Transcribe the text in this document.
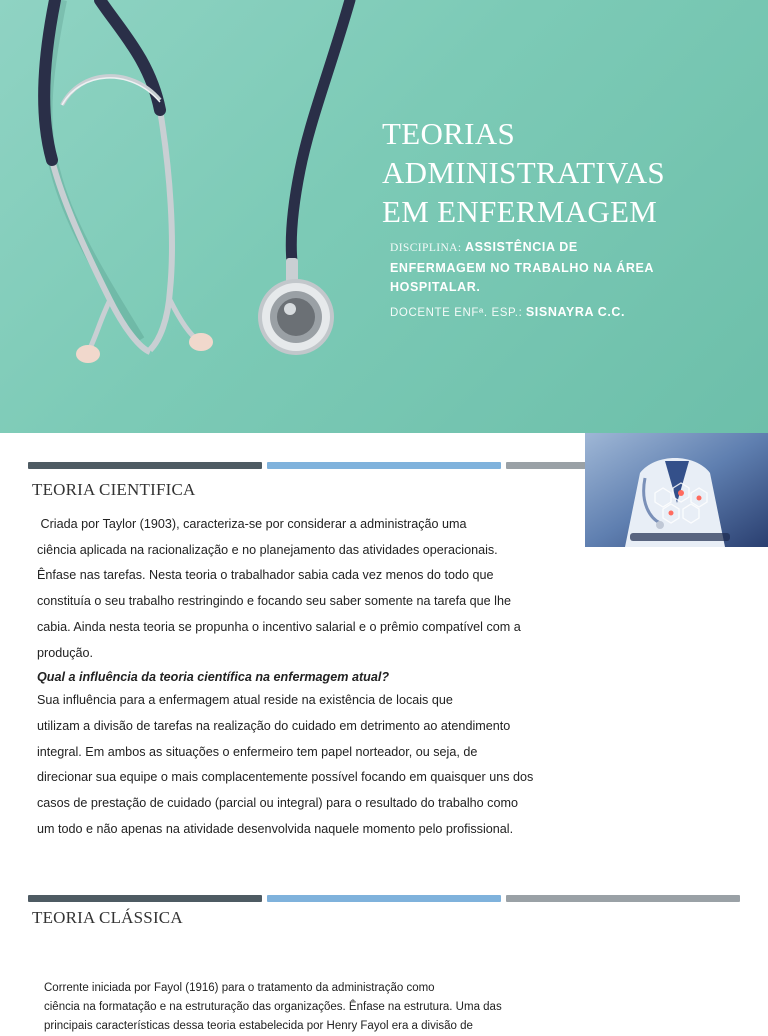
TEORIAS
ADMINISTRATIVAS
EM ENFERMAGEM
DISCIPLINA: ASSISTÊNCIA DE
ENFERMAGEM NO TRABALHO NA ÁREA
HOSPITALAR.
DOCENTE ENFª. ESP.: SISNAYRA C.C.
TEORIA CIENTIFICA
Criada por Taylor (1903), caracteriza-se por considerar a administração uma
ciência aplicada na racionalização e no planejamento das atividades operacionais.
Ênfase nas tarefas. Nesta teoria o trabalhador sabia cada vez menos do todo que
constituía o seu trabalho restringindo e focando seu saber somente na tarefa que lhe
cabia. Ainda nesta teoria se propunha o incentivo salarial e o prêmio compatível com a
produção.
Qual a influência da teoria científica na enfermagem atual?
Sua influência para a enfermagem atual reside na existência de locais que
utilizam a divisão de tarefas na realização do cuidado em detrimento ao atendimento
integral. Em ambos as situações o enfermeiro tem papel norteador, ou seja, de
direcionar sua equipe o mais complacentemente possível focando em quaisquer uns dos
casos de prestação de cuidado (parcial ou integral) para o resultado do trabalho como
um todo e não apenas na atividade desenvolvida naquele momento pelo profissional.
TEORIA CLÁSSICA
Corrente iniciada por Fayol (1916) para o tratamento da administração como
ciência na formatação e na estruturação das organizações. Ênfase na estrutura. Uma das
principais características dessa teoria estabelecida por Henry Fayol era a divisão de
